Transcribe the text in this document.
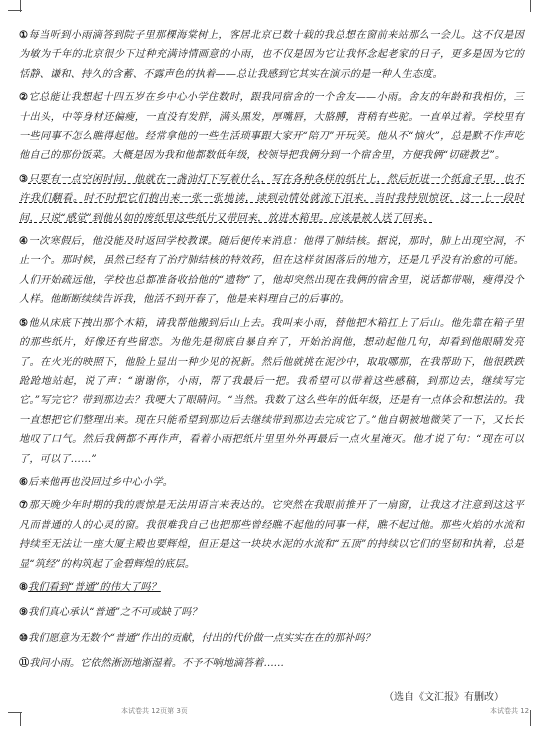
①每当听到小雨滴答到院子里那棵海棠树上，客居北京已数十载的我总想在窗前来站那么一会儿。这不仅是因为敏为千年的北京很少下过种充满诗情画意的小雨，也不仅是因为它让我怀念起老家的日子，更多是因为它的恬静、谦和、持久的含蓄、不露声色的执着——总让我感到它其实在演示的是一种人生态度。

②它总能让我想起十四五岁在乡中心小学住数时，跟我同宿舍的一个舍友——小雨。舍友的年龄和我相仿，三十出头，中等身材还偏瘦，一直没有发胖，满头黑发，厚嘴唇，大胳膊，背稍有些驼。一直单过着。学校里有一些同事不怎么瞧得起他。经常拿他的一些生活琐事跟大家开“陪刀”开玩笑。他从不“恼火”，总是默不作声吃他自己的那份饭菜。大概是因为我和他都数低年级，校领导把我俩分到一个宿舍里，方便我俩“切磋教艺”。

③只要有一点空闲时间，他就在一盏油灯下写着什么，写在各种各样的纸片上，然后折进一个纸盒子里，也不许我们翻看。时不时把它们抱出来一张一张地读，读到动情处就流下泪来，当时我特别惊讶，这一上一段时间，只说“感觉”到他从如的废纸里这些纸片又带回来，放进木箱里。应该是被人送了回来。

④一次寒假后，他没能及时返回学校教课。随后便传来消息：他得了肺结核。据说，那时，肺上出现空洞，不止一个。那时候，虽然已经有了治疗肺结核的特效药，但在这样贫困落后的地方，还是几乎没有治愈的可能。人们开始疏远他，学校也总都准备收拾他的“遗物”了，他却突然出现在我俩的宿舍里，说话都带喘，瘦得没个人样。他断断续续告诉我，他活不到开春了，他是来料理自己的后事的。

⑤他从床底下拽出那个木箱，请我帮他搬到后山上去。我叫来小雨，替他把木箱扛上了后山。他先靠在箱子里的那些纸片，好像还有些留恋。为他先是彻底自暴自弃了，开始治润他，想动起他几句，却看到他眼睛发亮了。在火光的映照下，他脸上显出一种少见的祝新。然后他就挑在泥沙中，取取哪那，在我帮助下，他很跌跌跄跄地站起，说了声：“谢谢你，小雨，帮了我最后一把。我希望可以带着这些感稿，到那边去，继续写完它。”写完它？带到那边去？我哽大了眼睛问。“当然。我数了这么些年的低年级，还是有一点体会和想法的。我一直想把它们整理出来。现在只能希望到那边后去继续带到那边去完成它了。”他自朝被地微笑了一下，又长长地叹了口气。然后我俩都不再作声，看着小雨把纸片里里外外再最后一点火星淹灭。他才说了句：“现在可以了，可以了……”

⑥后来他再也没回过乡中心小学。

⑦那天晚少年时期的我的震惊是无法用语言来表达的。它突然在我眼前推开了一扇窗，让我这才注意到这这平凡而普通的人的心灵的窗。我很难我自己也把那些曾经瞧不起他的同事一样，瞧不起过他。那些火焰的水流和持续至无法让一座大厦主殿也要辉煌，但正是这一块块水泥的水流和“五顶”的持续以它们的坚韧和执着，总是显“筑经”的构筑起了金碧辉煌的底层。

⑧我们看到“普通”的伟大了吗？

⑨我们真心承认“普通”之不可或缺了吗？

⑩我们愿意为无数个“普通”作出的贡献，付出的代价做一点实实在在的那补吗？

⑪我问小雨。它依然淅沥地渐湿着。不予不响地滴答着……

（选自《文汇报》有删改）
本试卷共 12页第 3页	本试卷共 12
